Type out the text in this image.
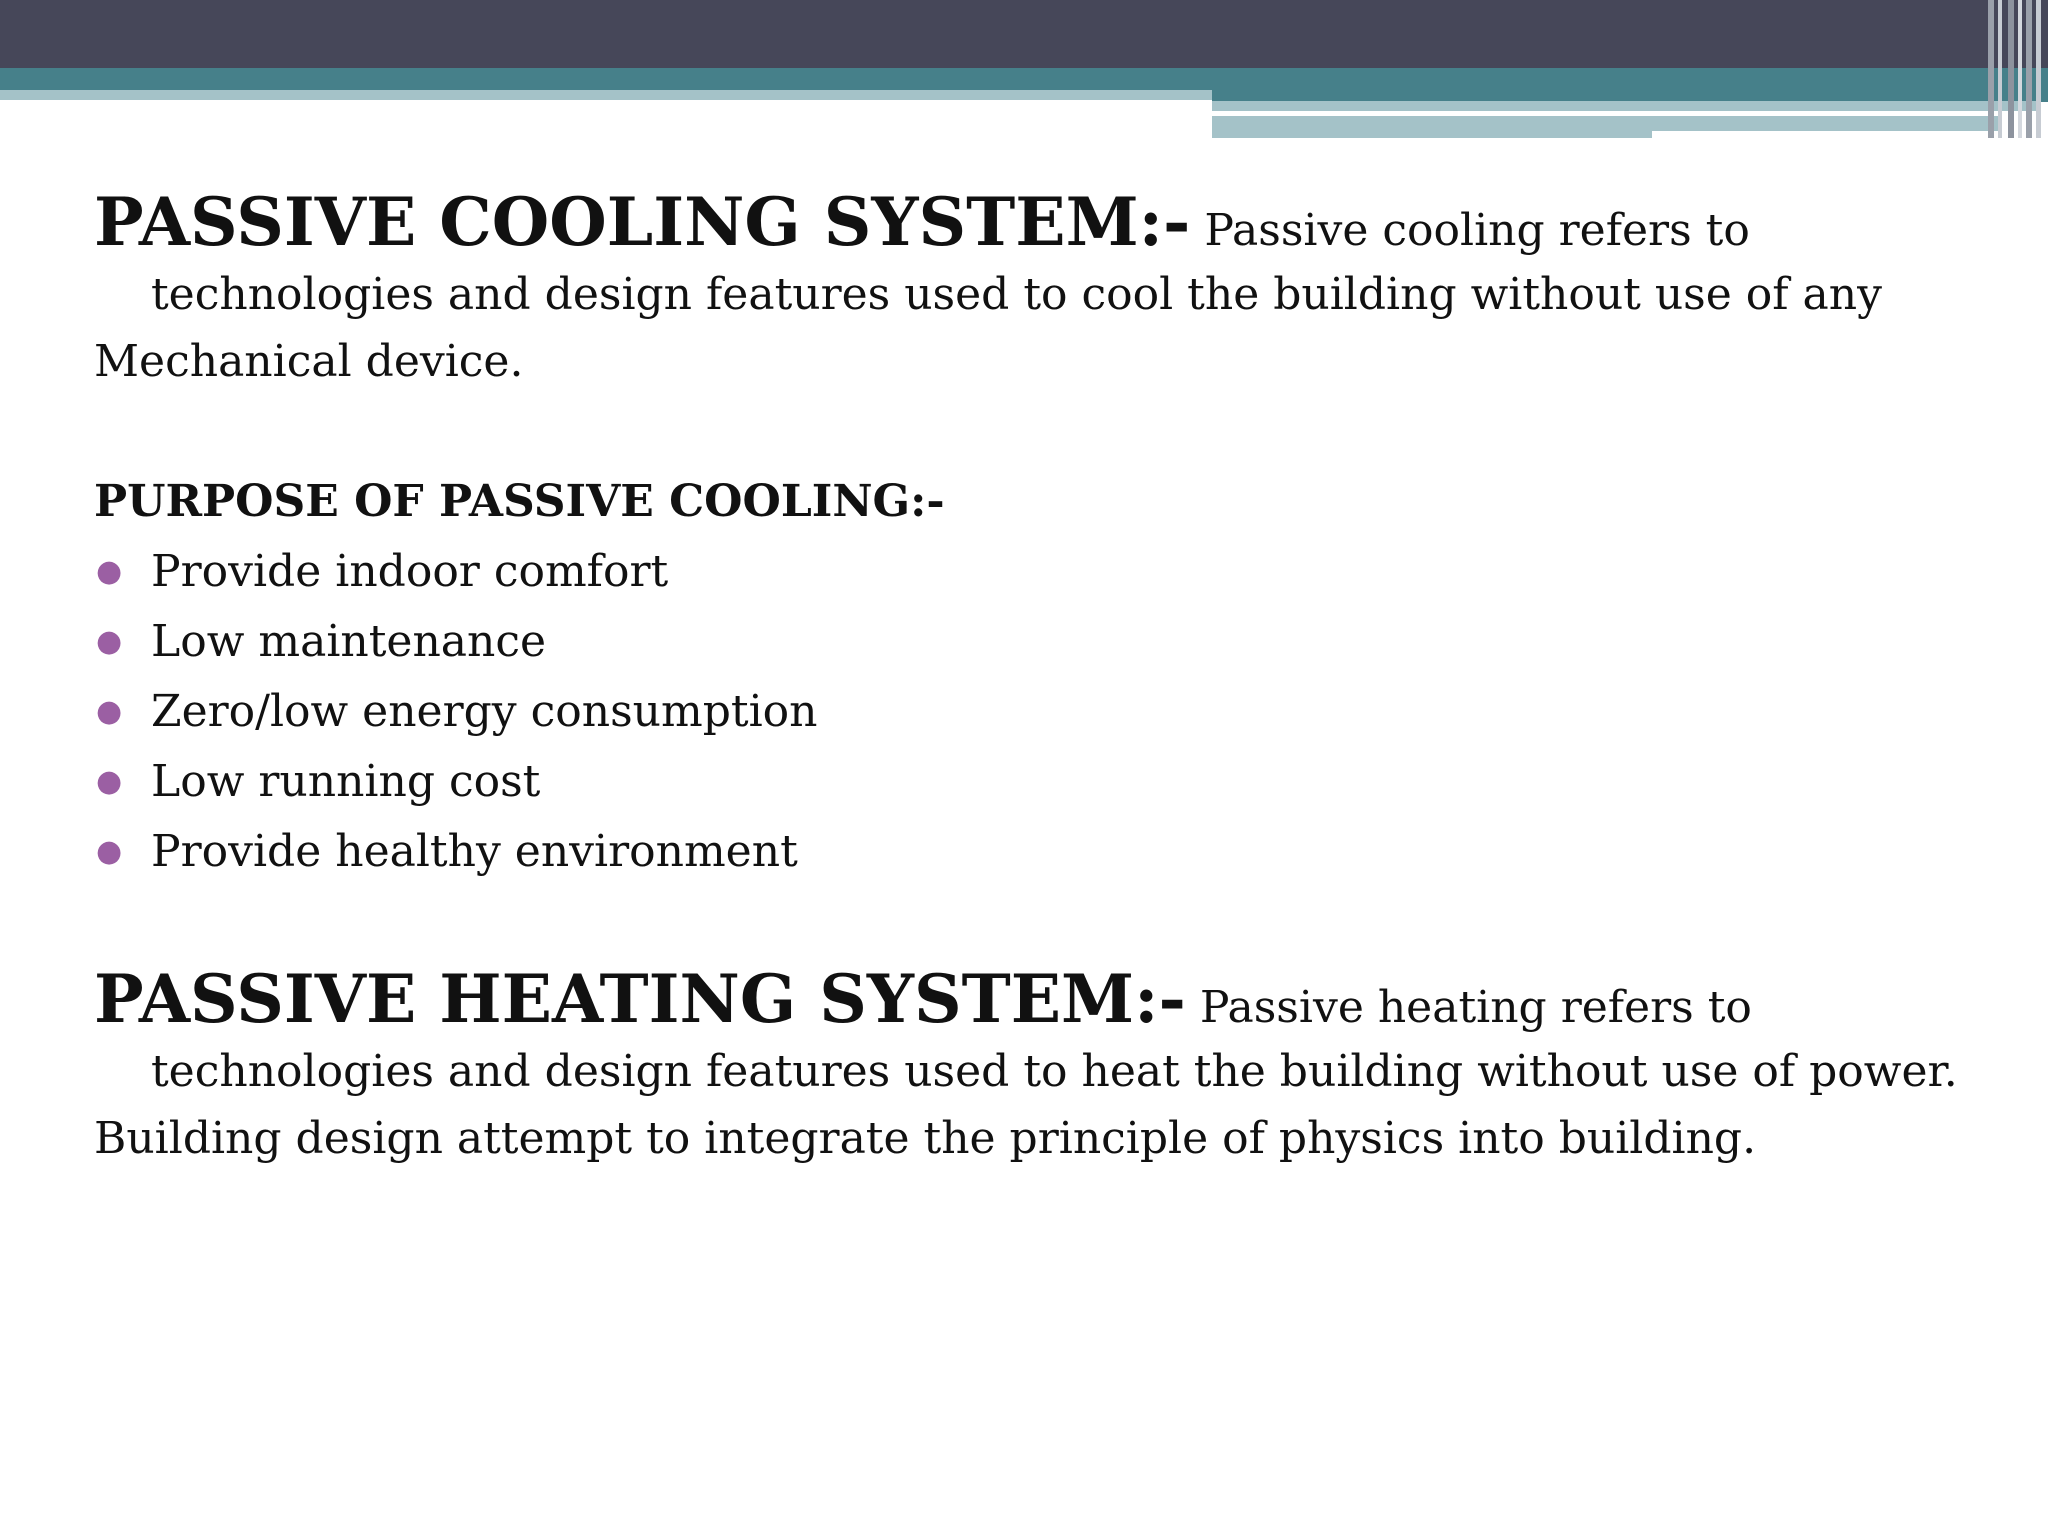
PASSIVE COOLING SYSTEM:- Passive cooling refers to technologies and design features used to cool the building without use of any

Mechanical device.

PURPOSE OF PASSIVE COOLING:-

● Provide indoor comfort
● Low maintenance
● Zero/low energy consumption
● Low running cost
● Provide healthy environment

PASSIVE HEATING SYSTEM:- Passive heating refers to technologies and design features used to heat the building without use of power.

Building design attempt to integrate the principle of physics into building.
